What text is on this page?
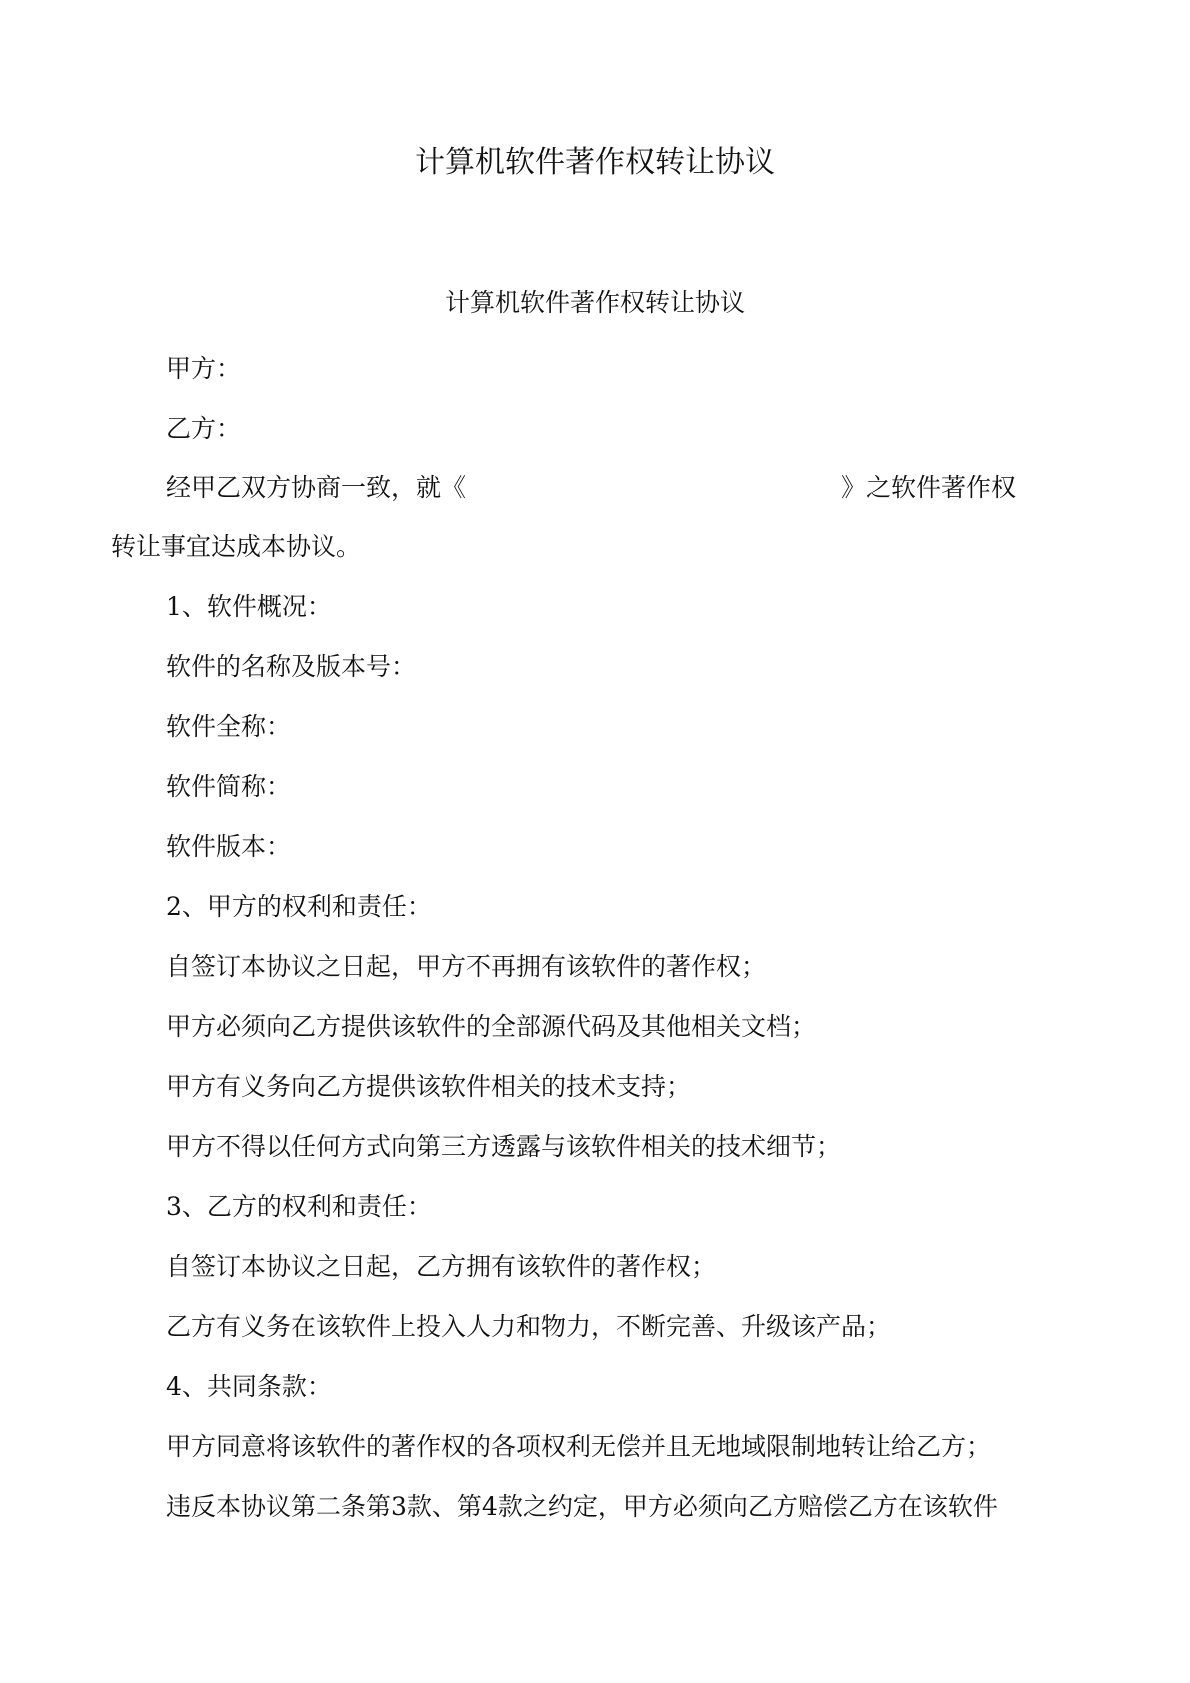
计算机软件著作权转让协议
计算机软件著作权转让协议
甲方：
乙方：
经甲乙双方协商一致，就《	》之软件著作权
转让事宜达成本协议。
1、软件概况：
软件的名称及版本号：
软件全称：
软件简称：
软件版本：
2、甲方的权利和责任：
自签订本协议之日起，甲方不再拥有该软件的著作权；
甲方必须向乙方提供该软件的全部源代码及其他相关文档；
甲方有义务向乙方提供该软件相关的技术支持；
甲方不得以任何方式向第三方透露与该软件相关的技术细节；
3、乙方的权利和责任：
自签订本协议之日起，乙方拥有该软件的著作权；
乙方有义务在该软件上投入人力和物力，不断完善、升级该产品；
4、共同条款：
甲方同意将该软件的著作权的各项权利无偿并且无地域限制地转让给乙方；
违反本协议第二条第3款、第4款之约定，甲方必须向乙方赔偿乙方在该软件
